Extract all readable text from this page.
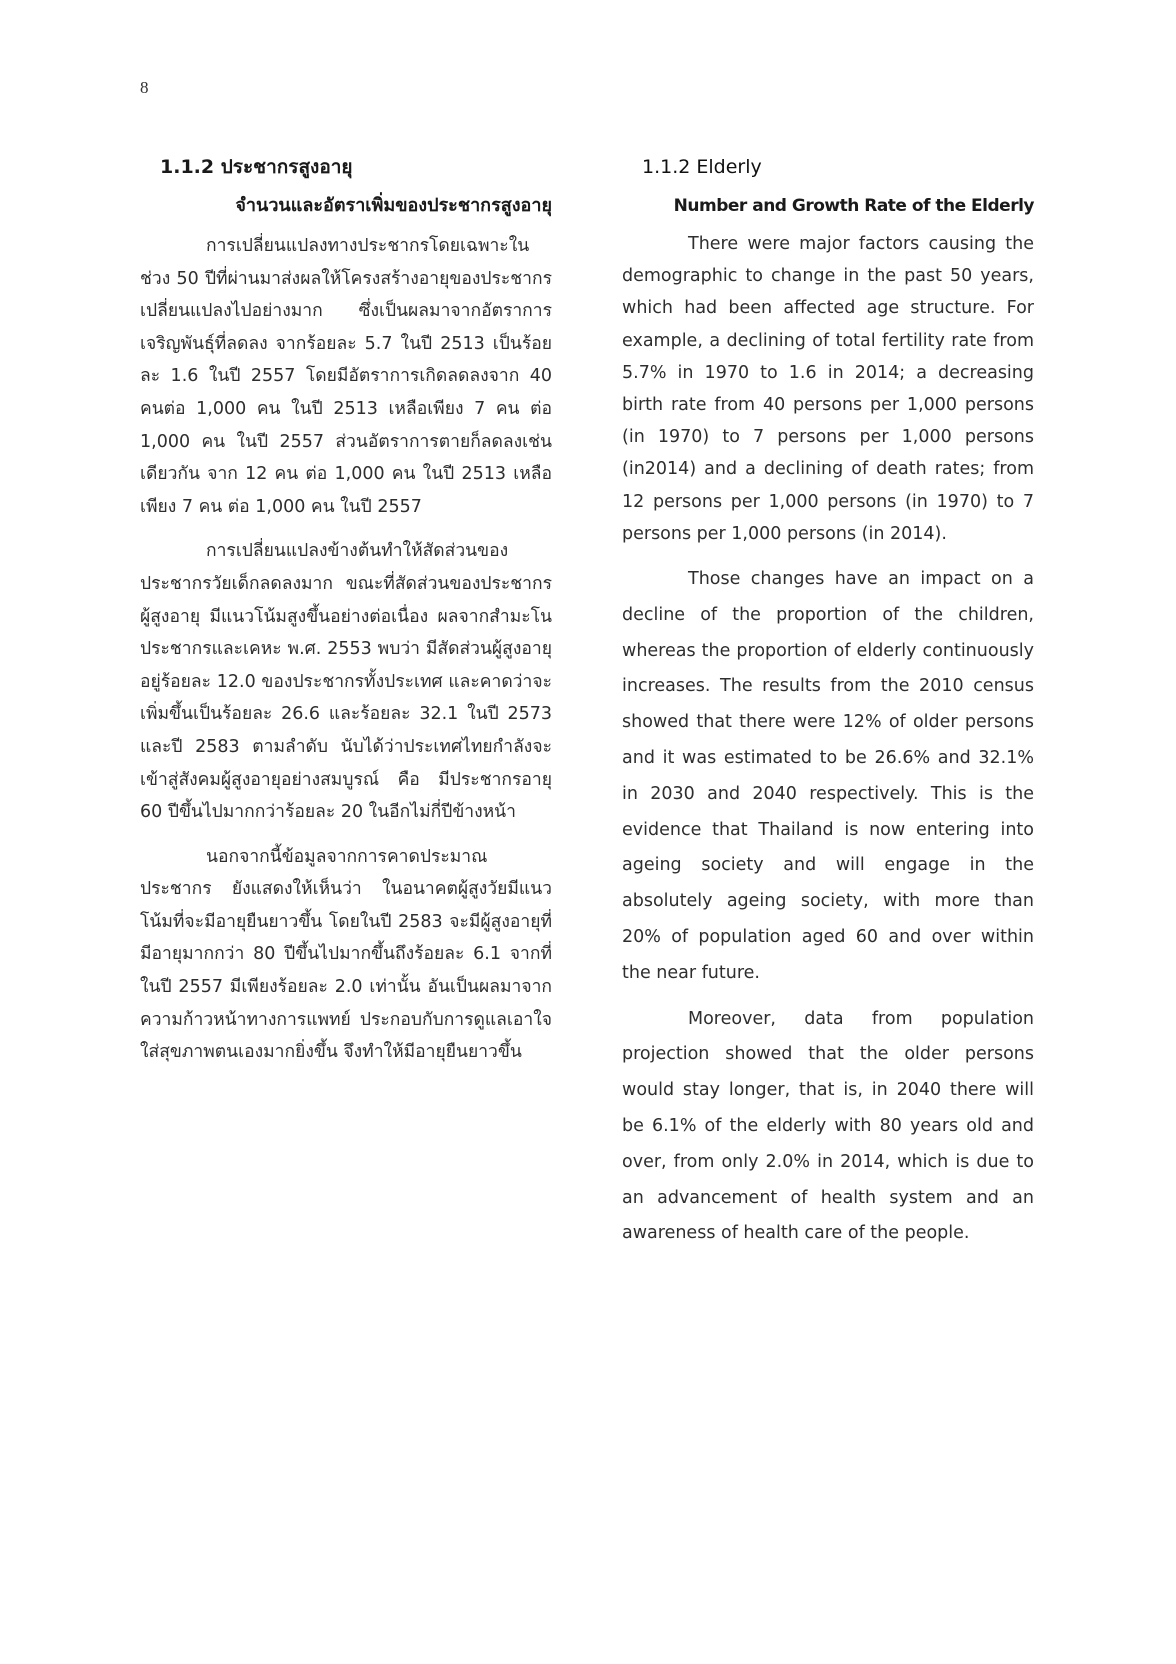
8
1.1.2 ประชากรสูงอายุ
จำนวนและอัตราเพิ่มของประชากรสูงอายุ

การเปลี่ยนแปลงทางประชากรโดยเฉพาะในช่วง 50 ปีที่ผ่านมาส่งผลให้โครงสร้างอายุของประชากรเปลี่ยนแปลงไปอย่างมาก ซึ่งเป็นผลมาจากอัตราการเจริญพันธุ์ที่ลดลง จากร้อยละ 5.7 ในปี 2513 เป็นร้อยละ 1.6 ในปี 2557 โดยมีอัตราการเกิดลดลงจาก 40 คนต่อ 1,000 คน ในปี 2513 เหลือเพียง 7 คน ต่อ 1,000 คน ในปี 2557 ส่วนอัตราการตายก็ลดลงเช่นเดียวกัน จาก 12 คน ต่อ 1,000 คน ในปี 2513 เหลือเพียง 7 คน ต่อ 1,000 คน ในปี 2557

การเปลี่ยนแปลงข้างต้นทำให้สัดส่วนของประชากรวัยเด็กลดลงมาก ขณะที่สัดส่วนของประชากรผู้สูงอายุ มีแนวโน้มสูงขึ้นอย่างต่อเนื่อง ผลจากสำมะโนประชากรและเคหะ พ.ศ. 2553 พบว่า มีสัดส่วนผู้สูงอายุอยู่ร้อยละ 12.0 ของประชากรทั้งประเทศ และคาดว่าจะเพิ่มขึ้นเป็นร้อยละ 26.6 และร้อยละ 32.1 ในปี 2573 และปี 2583 ตามลำดับ นับได้ว่าประเทศไทยกำลังจะเข้าสู่สังคมผู้สูงอายุอย่างสมบูรณ์ คือ มีประชากรอายุ 60 ปีขึ้นไปมากกว่าร้อยละ 20 ในอีกไม่กี่ปีข้างหน้า

นอกจากนี้ข้อมูลจากการคาดประมาณประชากร ยังแสดงให้เห็นว่า ในอนาคตผู้สูงวัยมีแนวโน้มที่จะมีอายุยืนยาวขึ้น โดยในปี 2583 จะมีผู้สูงอายุที่มีอายุมากกว่า 80 ปีขึ้นไปมากขึ้นถึงร้อยละ 6.1 จากที่ในปี 2557 มีเพียงร้อยละ 2.0 เท่านั้น อันเป็นผลมาจากความก้าวหน้าทางการแพทย์ ประกอบกับการดูแลเอาใจใส่สุขภาพตนเองมากยิ่งขึ้น จึงทำให้มีอายุยืนยาวขึ้น

1.1.2 Elderly
Number and Growth Rate of the Elderly

There were major factors causing the demographic to change in the past 50 years, which had been affected age structure. For example, a declining of total fertility rate from 5.7% in 1970 to 1.6 in 2014; a decreasing birth rate from 40 persons per 1,000 persons (in 1970) to 7 persons per 1,000 persons (in2014) and a declining of death rates; from 12 persons per 1,000 persons (in 1970) to 7 persons per 1,000 persons (in 2014).

Those changes have an impact on a decline of the proportion of the children, whereas the proportion of elderly continuously increases. The results from the 2010 census showed that there were 12% of older persons and it was estimated to be 26.6% and 32.1% in 2030 and 2040 respectively. This is the evidence that Thailand is now entering into ageing society and will engage in the absolutely ageing society, with more than 20% of population aged 60 and over within the near future.

Moreover, data from population projection showed that the older persons would stay longer, that is, in 2040 there will be 6.1% of the elderly with 80 years old and over, from only 2.0% in 2014, which is due to an advancement of health system and an awareness of health care of the people.
